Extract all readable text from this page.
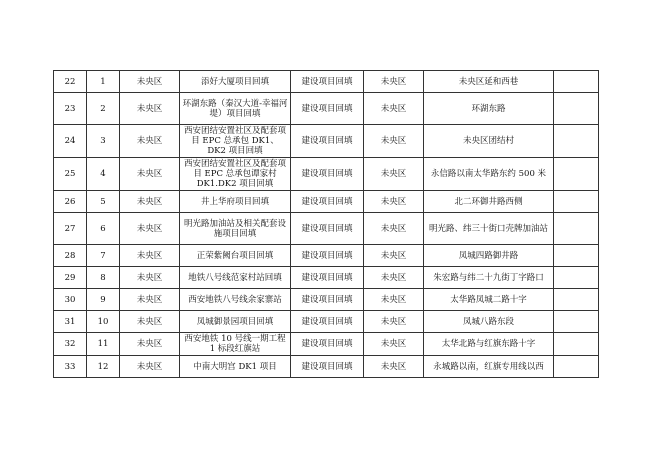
22	1	未央区	添好大厦项目回填	建设项目回填	未央区	未央区延和西巷	
23	2	未央区	环湖东路（秦汉大道-幸福河堤）项目回填	建设项目回填	未央区	环湖东路	
24	3	未央区	西安团结安置社区及配套项目 EPC 总承包 DK1、DK2 项目回填	建设项目回填	未央区	未央区团结村	
25	4	未央区	西安团结安置社区及配套项目 EPC 总承包谭家村 DK1.DK2 项目回填	建设项目回填	未央区	永信路以南太华路东约 500 米	
26	5	未央区	井上华府项目回填	建设项目回填	未央区	北二环御井路西侧	
27	6	未央区	明光路加油站及相关配套设施项目回填	建设项目回填	未央区	明光路、纬三十街口壳牌加油站	
28	7	未央区	正荣紫阙台项目回填	建设项目回填	未央区	凤城四路御井路	
29	8	未央区	地铁八号线范家村站回填	建设项目回填	未央区	朱宏路与纬二十九街丁字路口	
30	9	未央区	西安地铁八号线余家寨站	建设项目回填	未央区	太华路凤城二路十字	
31	10	未央区	凤城御景园项目回填	建设项目回填	未央区	凤城八路东段	
32	11	未央区	西安地铁 10 号线一期工程 1 标段红旗站	建设项目回填	未央区	太华北路与红旗东路十字	
33	12	未央区	中南大明宫 DK1 项目	建设项目回填	未央区	永城路以南，红旗专用线以西	
